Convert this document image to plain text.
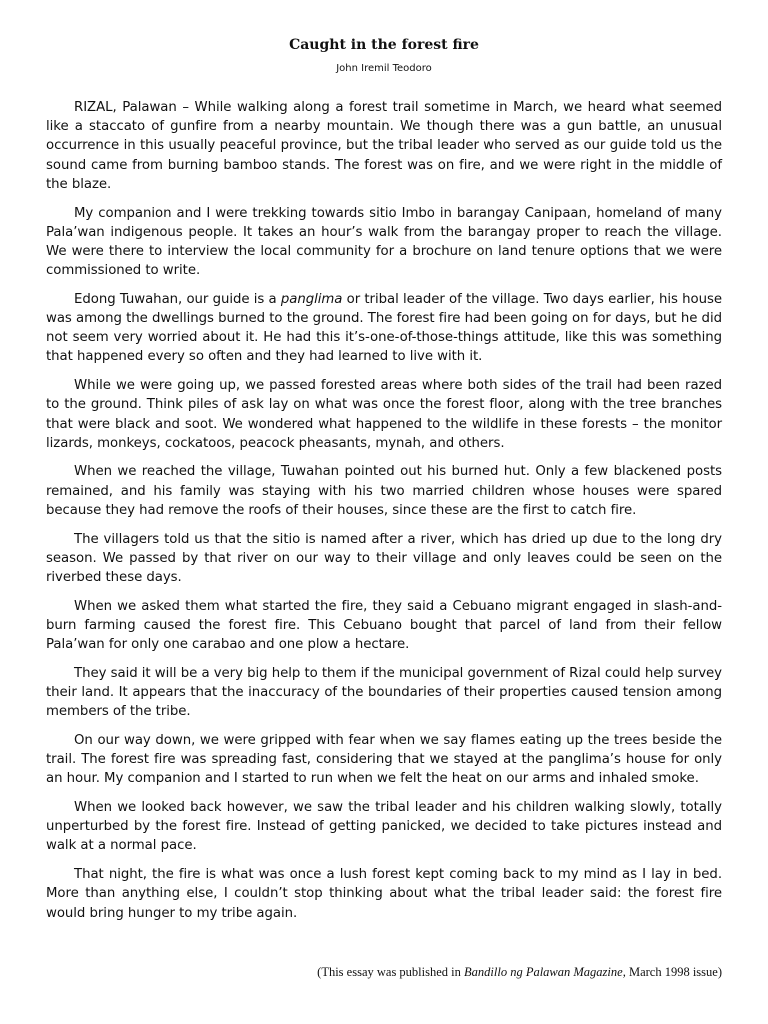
Caught in the forest fire

John Iremil Teodoro

RIZAL, Palawan – While walking along a forest trail sometime in March, we heard what seemed like a staccato of gunfire from a nearby mountain. We though there was a gun battle, an unusual occurrence in this usually peaceful province, but the tribal leader who served as our guide told us the sound came from burning bamboo stands. The forest was on fire, and we were right in the middle of the blaze.

My companion and I were trekking towards sitio Imbo in barangay Canipaan, homeland of many Pala’wan indigenous people. It takes an hour’s walk from the barangay proper to reach the village. We were there to interview the local community for a brochure on land tenure options that we were commissioned to write.

Edong Tuwahan, our guide is a panglima or tribal leader of the village. Two days earlier, his house was among the dwellings burned to the ground. The forest fire had been going on for days, but he did not seem very worried about it. He had this it’s-one-of-those-things attitude, like this was something that happened every so often and they had learned to live with it.

While we were going up, we passed forested areas where both sides of the trail had been razed to the ground. Think piles of ask lay on what was once the forest floor, along with the tree branches that were black and soot. We wondered what happened to the wildlife in these forests – the monitor lizards, monkeys, cockatoos, peacock pheasants, mynah, and others.

When we reached the village, Tuwahan pointed out his burned hut. Only a few blackened posts remained, and his family was staying with his two married children whose houses were spared because they had remove the roofs of their houses, since these are the first to catch fire.

The villagers told us that the sitio is named after a river, which has dried up due to the long dry season. We passed by that river on our way to their village and only leaves could be seen on the riverbed these days.

When we asked them what started the fire, they said a Cebuano migrant engaged in slash-and-burn farming caused the forest fire. This Cebuano bought that parcel of land from their fellow Pala’wan for only one carabao and one plow a hectare.

They said it will be a very big help to them if the municipal government of Rizal could help survey their land. It appears that the inaccuracy of the boundaries of their properties caused tension among members of the tribe.

On our way down, we were gripped with fear when we say flames eating up the trees beside the trail. The forest fire was spreading fast, considering that we stayed at the panglima’s house for only an hour. My companion and I started to run when we felt the heat on our arms and inhaled smoke.

When we looked back however, we saw the tribal leader and his children walking slowly, totally unperturbed by the forest fire. Instead of getting panicked, we decided to take pictures instead and walk at a normal pace.

That night, the fire is what was once a lush forest kept coming back to my mind as I lay in bed. More than anything else, I couldn’t stop thinking about what the tribal leader said: the forest fire would bring hunger to my tribe again.

(This essay was published in Bandillo ng Palawan Magazine, March 1998 issue)
